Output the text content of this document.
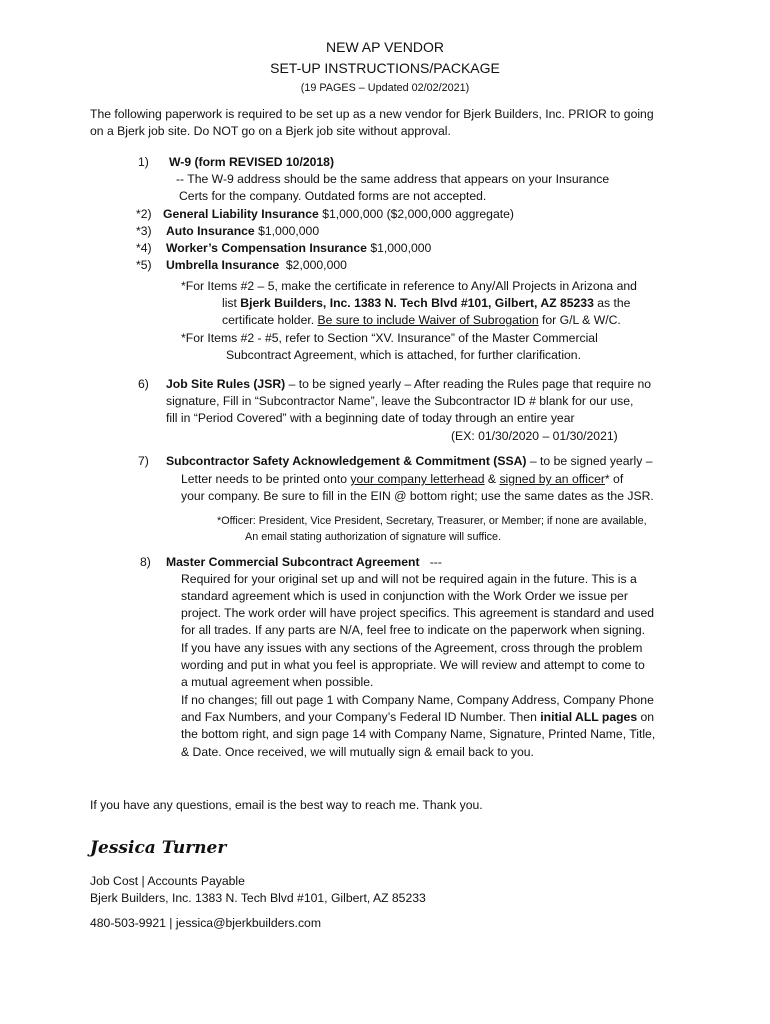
NEW AP VENDOR
SET-UP INSTRUCTIONS/PACKAGE
(19 PAGES – Updated 02/02/2021)
The following paperwork is required to be set up as a new vendor for Bjerk Builders, Inc. PRIOR to going
on a Bjerk job site. Do NOT go on a Bjerk job site without approval.
1) W-9 (form REVISED 10/2018)
-- The W-9 address should be the same address that appears on your Insurance
Certs for the company. Outdated forms are not accepted.
*2) General Liability Insurance $1,000,000 ($2,000,000 aggregate)
*3) Auto Insurance $1,000,000
*4) Worker’s Compensation Insurance $1,000,000
*5) Umbrella Insurance $2,000,000
*For Items #2 – 5, make the certificate in reference to Any/All Projects in Arizona and
list Bjerk Builders, Inc. 1383 N. Tech Blvd #101, Gilbert, AZ 85233 as the
certificate holder. Be sure to include Waiver of Subrogation for G/L & W/C.
*For Items #2 - #5, refer to Section “XV. Insurance” of the Master Commercial
Subcontract Agreement, which is attached, for further clarification.
6) Job Site Rules (JSR) – to be signed yearly – After reading the Rules page that require no
signature, Fill in “Subcontractor Name”, leave the Subcontractor ID # blank for our use,
fill in “Period Covered” with a beginning date of today through an entire year
(EX: 01/30/2020 – 01/30/2021)
7) Subcontractor Safety Acknowledgement & Commitment (SSA) – to be signed yearly –
Letter needs to be printed onto your company letterhead & signed by an officer* of
your company. Be sure to fill in the EIN @ bottom right; use the same dates as the JSR.
*Officer: President, Vice President, Secretary, Treasurer, or Member; if none are available,
An email stating authorization of signature will suffice.
8) Master Commercial Subcontract Agreement ---
Required for your original set up and will not be required again in the future. This is a
standard agreement which is used in conjunction with the Work Order we issue per
project. The work order will have project specifics. This agreement is standard and used
for all trades. If any parts are N/A, feel free to indicate on the paperwork when signing.
If you have any issues with any sections of the Agreement, cross through the problem
wording and put in what you feel is appropriate. We will review and attempt to come to
a mutual agreement when possible.
If no changes; fill out page 1 with Company Name, Company Address, Company Phone
and Fax Numbers, and your Company’s Federal ID Number. Then initial ALL pages on
the bottom right, and sign page 14 with Company Name, Signature, Printed Name, Title,
& Date. Once received, we will mutually sign & email back to you.
If you have any questions, email is the best way to reach me. Thank you.
Jessica Turner
Job Cost | Accounts Payable
Bjerk Builders, Inc. 1383 N. Tech Blvd #101, Gilbert, AZ 85233
480-503-9921 | jessica@bjerkbuilders.com
